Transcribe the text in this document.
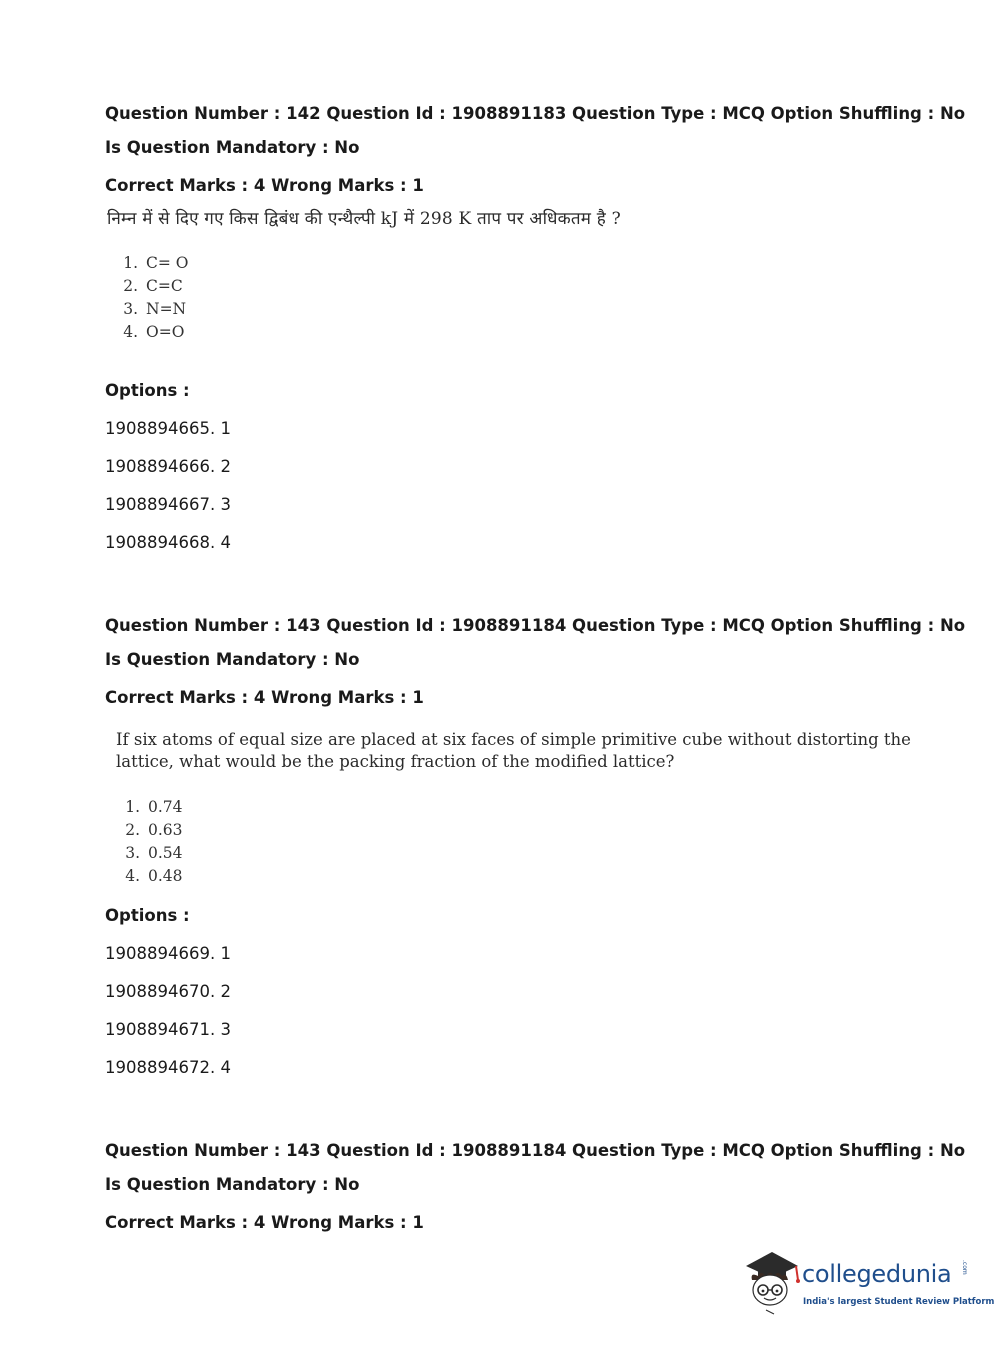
Question Number : 142 Question Id : 1908891183 Question Type : MCQ Option Shuffling : No
Is Question Mandatory : No
Correct Marks : 4 Wrong Marks : 1
निम्न में से दिए गए किस द्विबंध की एन्थैल्पी kJ में 298 K ताप पर अधिकतम है ?
1. C= O
2. C=C
3. N=N
4. O=O
Options :
1908894665. 1
1908894666. 2
1908894667. 3
1908894668. 4
Question Number : 143 Question Id : 1908891184 Question Type : MCQ Option Shuffling : No
Is Question Mandatory : No
Correct Marks : 4 Wrong Marks : 1
If six atoms of equal size are placed at six faces of simple primitive cube without distorting the
lattice, what would be the packing fraction of the modified lattice?
1. 0.74
2. 0.63
3. 0.54
4. 0.48
Options :
1908894669. 1
1908894670. 2
1908894671. 3
1908894672. 4
Question Number : 143 Question Id : 1908891184 Question Type : MCQ Option Shuffling : No
Is Question Mandatory : No
Correct Marks : 4 Wrong Marks : 1
collegedunia .com
India's largest Student Review Platform
